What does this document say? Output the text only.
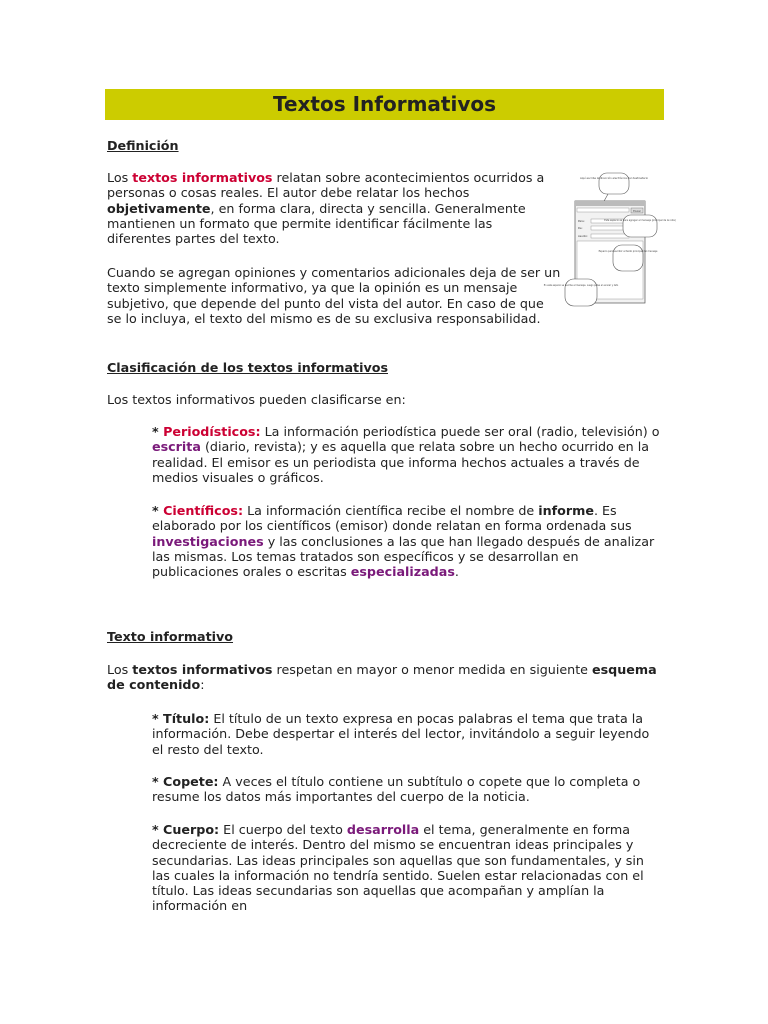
Textos Informativos

Definición

Los textos informativos relatan sobre acontecimientos ocurridos a personas o cosas reales. El autor debe relatar los hechos objetivamente, en forma clara, directa y sencilla. Generalmente mantienen un formato que permite identificar fácilmente las diferentes partes del texto.

Cuando se agregan opiniones y comentarios adicionales deja de ser un texto simplemente informativo, ya que la opinión es un mensaje subjetivo, que depende del punto del vista del autor. En caso de que se lo incluya, el texto del mismo es de su exclusiva responsabilidad.

Aquí escribe la dirección electrónica del destinatario
Enviar
Para:
De:
Asunto:
Este espacio es para agregar el mensaje (principal de la nota)
Espacio para escribir el texto principal del mensaje
En este espacio se escribe el mensaje. Luego pulsa en enviar y listo

Clasificación de los textos informativos

Los textos informativos pueden clasificarse en:

* Periodísticos: La información periodística puede ser oral (radio, televisión) o escrita (diario, revista); y es aquella que relata sobre un hecho ocurrido en la realidad. El emisor es un periodista que informa hechos actuales a través de medios visuales o gráficos.

* Científicos: La información científica recibe el nombre de informe. Es elaborado por los científicos (emisor) donde relatan en forma ordenada sus investigaciones y las conclusiones a las que han llegado después de analizar las mismas. Los temas tratados son específicos y se desarrollan en publicaciones orales o escritas especializadas.

Texto informativo

Los textos informativos respetan en mayor o menor medida en siguiente esquema de contenido:

* Título: El título de un texto expresa en pocas palabras el tema que trata la información. Debe despertar el interés del lector, invitándolo a seguir leyendo el resto del texto.

* Copete: A veces el título contiene un subtítulo o copete que lo completa o resume los datos más importantes del cuerpo de la noticia.

* Cuerpo: El cuerpo del texto desarrolla el tema, generalmente en forma decreciente de interés. Dentro del mismo se encuentran ideas principales y secundarias. Las ideas principales son aquellas que son fundamentales, y sin las cuales la información no tendría sentido. Suelen estar relacionadas con el título. Las ideas secundarias son aquellas que acompañan y amplían la información en
